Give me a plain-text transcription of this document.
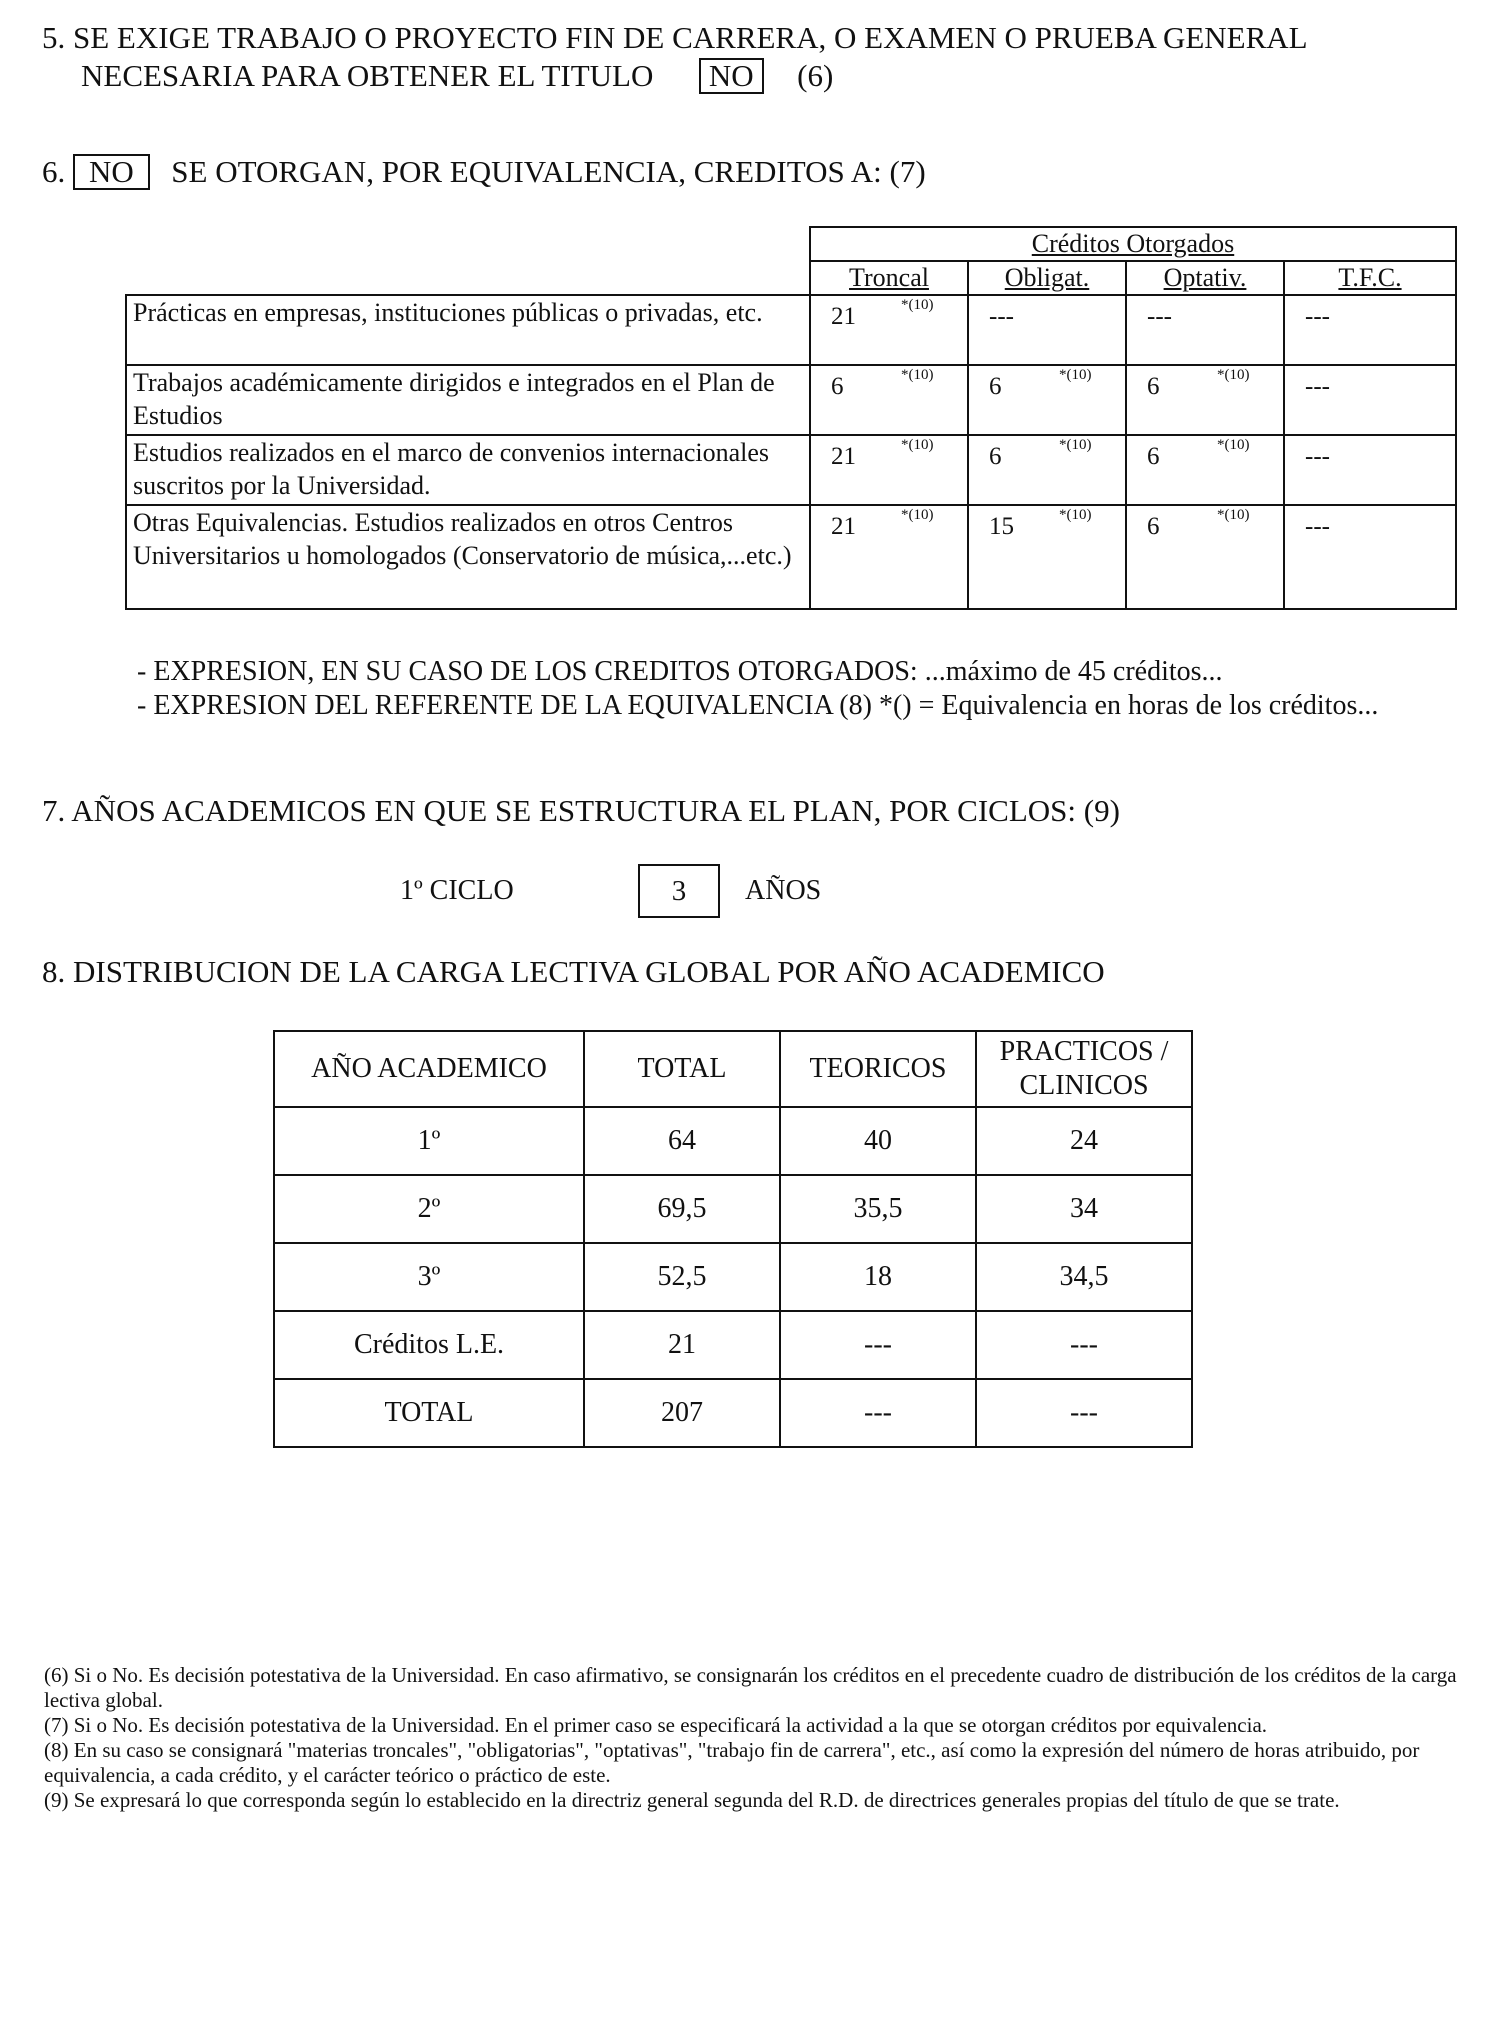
5. SE EXIGE TRABAJO O PROYECTO FIN DE CARRERA, O EXAMEN O PRUEBA GENERAL
NECESARIA PARA OBTENER EL TITULO NO (6)
6. NO SE OTORGAN, POR EQUIVALENCIA, CREDITOS A: (7)
	Créditos Otorgados			
	Troncal	Obligat.	Optativ.	T.F.C.
Prácticas en empresas, instituciones públicas o privadas, etc.	21 *(10)	---	---	---
Trabajos académicamente dirigidos e integrados en el Plan de Estudios	6 *(10)	6 *(10)	6 *(10)	---
Estudios realizados en el marco de convenios internacionales suscritos por la Universidad.	21 *(10)	6 *(10)	6 *(10)	---
Otras Equivalencias. Estudios realizados en otros Centros Universitarios u homologados (Conservatorio de música,...etc.)	21 *(10)	15 *(10)	6 *(10)	---
- EXPRESION, EN SU CASO DE LOS CREDITOS OTORGADOS: ...máximo de 45 créditos...
- EXPRESION DEL REFERENTE DE LA EQUIVALENCIA (8) *() = Equivalencia en horas de los créditos...
7. AÑOS ACADEMICOS EN QUE SE ESTRUCTURA EL PLAN, POR CICLOS: (9)
1º CICLO	3	AÑOS
8. DISTRIBUCION DE LA CARGA LECTIVA GLOBAL POR AÑO ACADEMICO
AÑO ACADEMICO	TOTAL	TEORICOS	PRACTICOS / CLINICOS
1º	64	40	24
2º	69,5	35,5	34
3º	52,5	18	34,5
Créditos L.E.	21	---	---
TOTAL	207	---	---
(6) Si o No. Es decisión potestativa de la Universidad. En caso afirmativo, se consignarán los créditos en el precedente cuadro de distribución de los créditos de la carga lectiva global.
(7) Si o No. Es decisión potestativa de la Universidad. En el primer caso se especificará la actividad a la que se otorgan créditos por equivalencia.
(8) En su caso se consignará "materias troncales", "obligatorias", "optativas", "trabajo fin de carrera", etc., así como la expresión del número de horas atribuido, por equivalencia, a cada crédito, y el carácter teórico o práctico de este.
(9) Se expresará lo que corresponda según lo establecido en la directriz general segunda del R.D. de directrices generales propias del título de que se trate.
